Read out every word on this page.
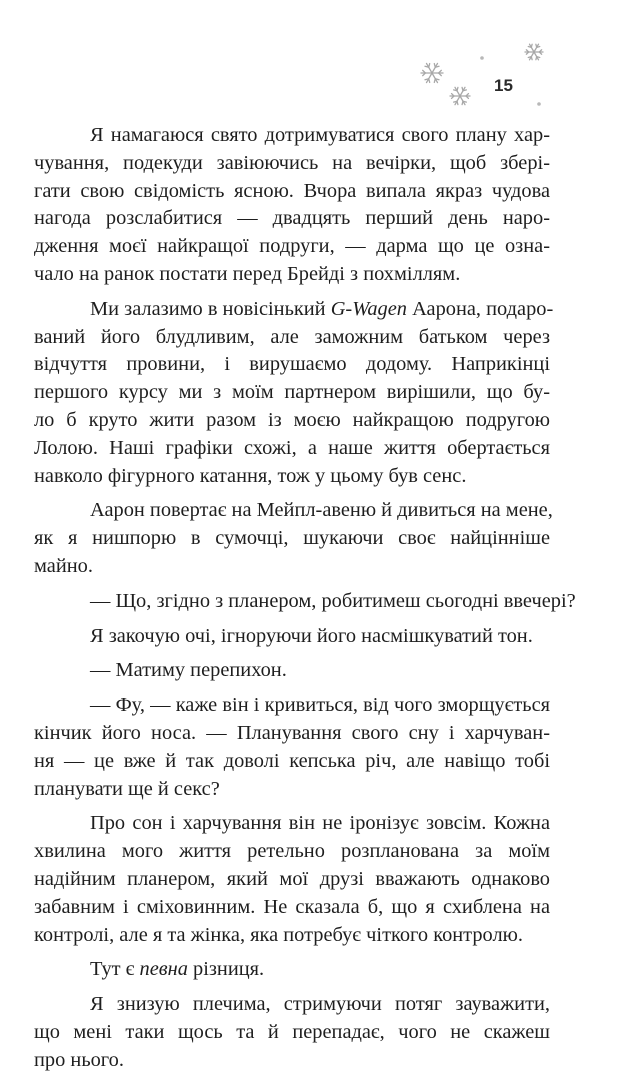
15

Я намагаюся свято дотримуватися свого плану хар-
чування, подекуди завіюючись на вечірки, щоб збері-
гати свою свідомість ясною. Вчора випала якраз чудова
нагода розслабитися — двадцять перший день наро-
дження моєї найкращої подруги, — дарма що це озна-
чало на ранок постати перед Брейді з похміллям.

Ми залазимо в новісінький G-Wagen Аарона, подаро-
ваний його блудливим, але заможним батьком через
відчуття провини, і вирушаємо додому. Наприкінці
першого курсу ми з моїм партнером вирішили, що бу-
ло б круто жити разом із моєю найкращою подругою
Лолою. Наші графіки схожі, а наше життя обертається
навколо фігурного катання, тож у цьому був сенс.

Аарон повертає на Мейпл-авеню й дивиться на мене,
як я нишпорю в сумочці, шукаючи своє найцінніше
майно.

— Що, згідно з планером, робитимеш сьогодні ввечері?

Я закочую очі, ігноруючи його насмішкуватий тон.

— Матиму перепихон.

— Фу, — каже він і кривиться, від чого зморщується
кінчик його носа. — Планування свого сну і харчуван-
ня — це вже й так доволі кепська річ, але навіщо тобі
планувати ще й секс?

Про сон і харчування він не іронізує зовсім. Кожна
хвилина мого життя ретельно розпланована за моїм
надійним планером, який мої друзі вважають однаково
забавним і сміховинним. Не сказала б, що я схиблена на
контролі, але я та жінка, яка потребує чіткого контролю.

Тут є певна різниця.

Я знизую плечима, стримуючи потяг зауважити,
що мені таки щось та й перепадає, чого не скажеш
про нього.
